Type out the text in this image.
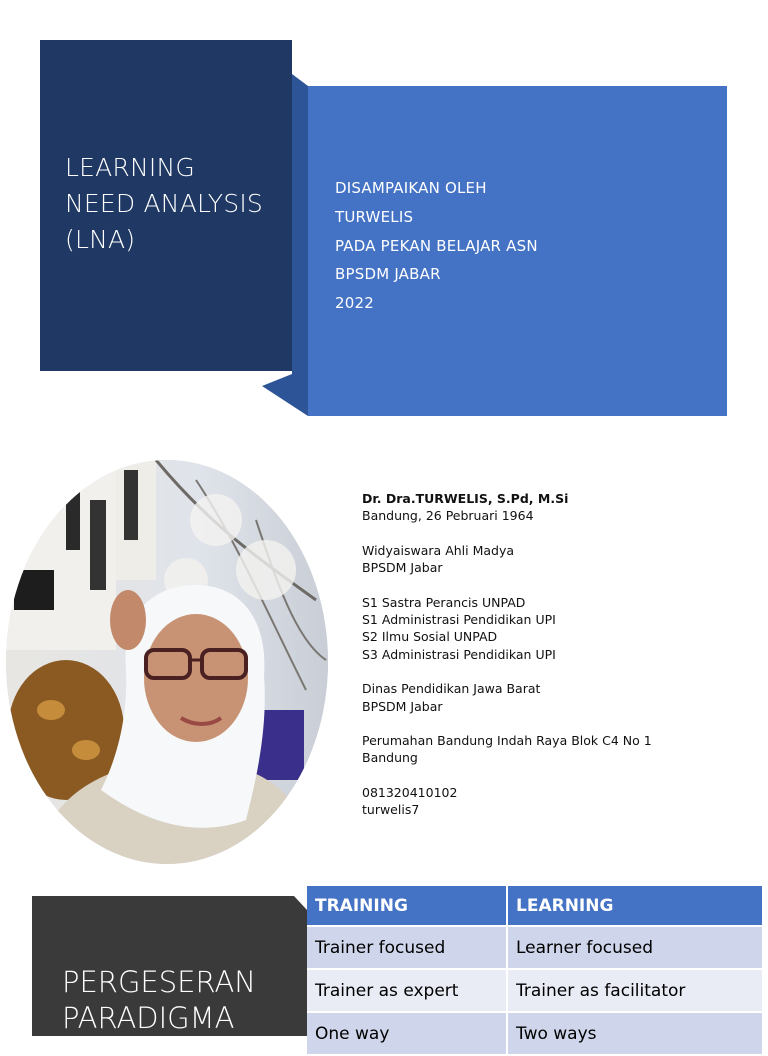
LEARNING
NEED ANALYSIS
(LNA)
DISAMPAIKAN OLEH
TURWELIS
PADA PEKAN BELAJAR ASN
BPSDM JABAR
2022
Dr. Dra.TURWELIS, S.Pd, M.Si
Bandung, 26 Pebruari 1964
Widyaiswara Ahli Madya
BPSDM Jabar
S1 Sastra Perancis UNPAD
S1 Administrasi Pendidikan UPI
S2 Ilmu Sosial UNPAD
S3 Administrasi Pendidikan UPI
Dinas Pendidikan Jawa Barat
BPSDM Jabar
Perumahan Bandung Indah Raya Blok C4 No 1
Bandung
081320410102
turwelis7
PERGESERAN
PARADIGMA
TRAINING	LEARNING
Trainer focused	Learner focused
Trainer as expert	Trainer as facilitator
One way	Two ways
